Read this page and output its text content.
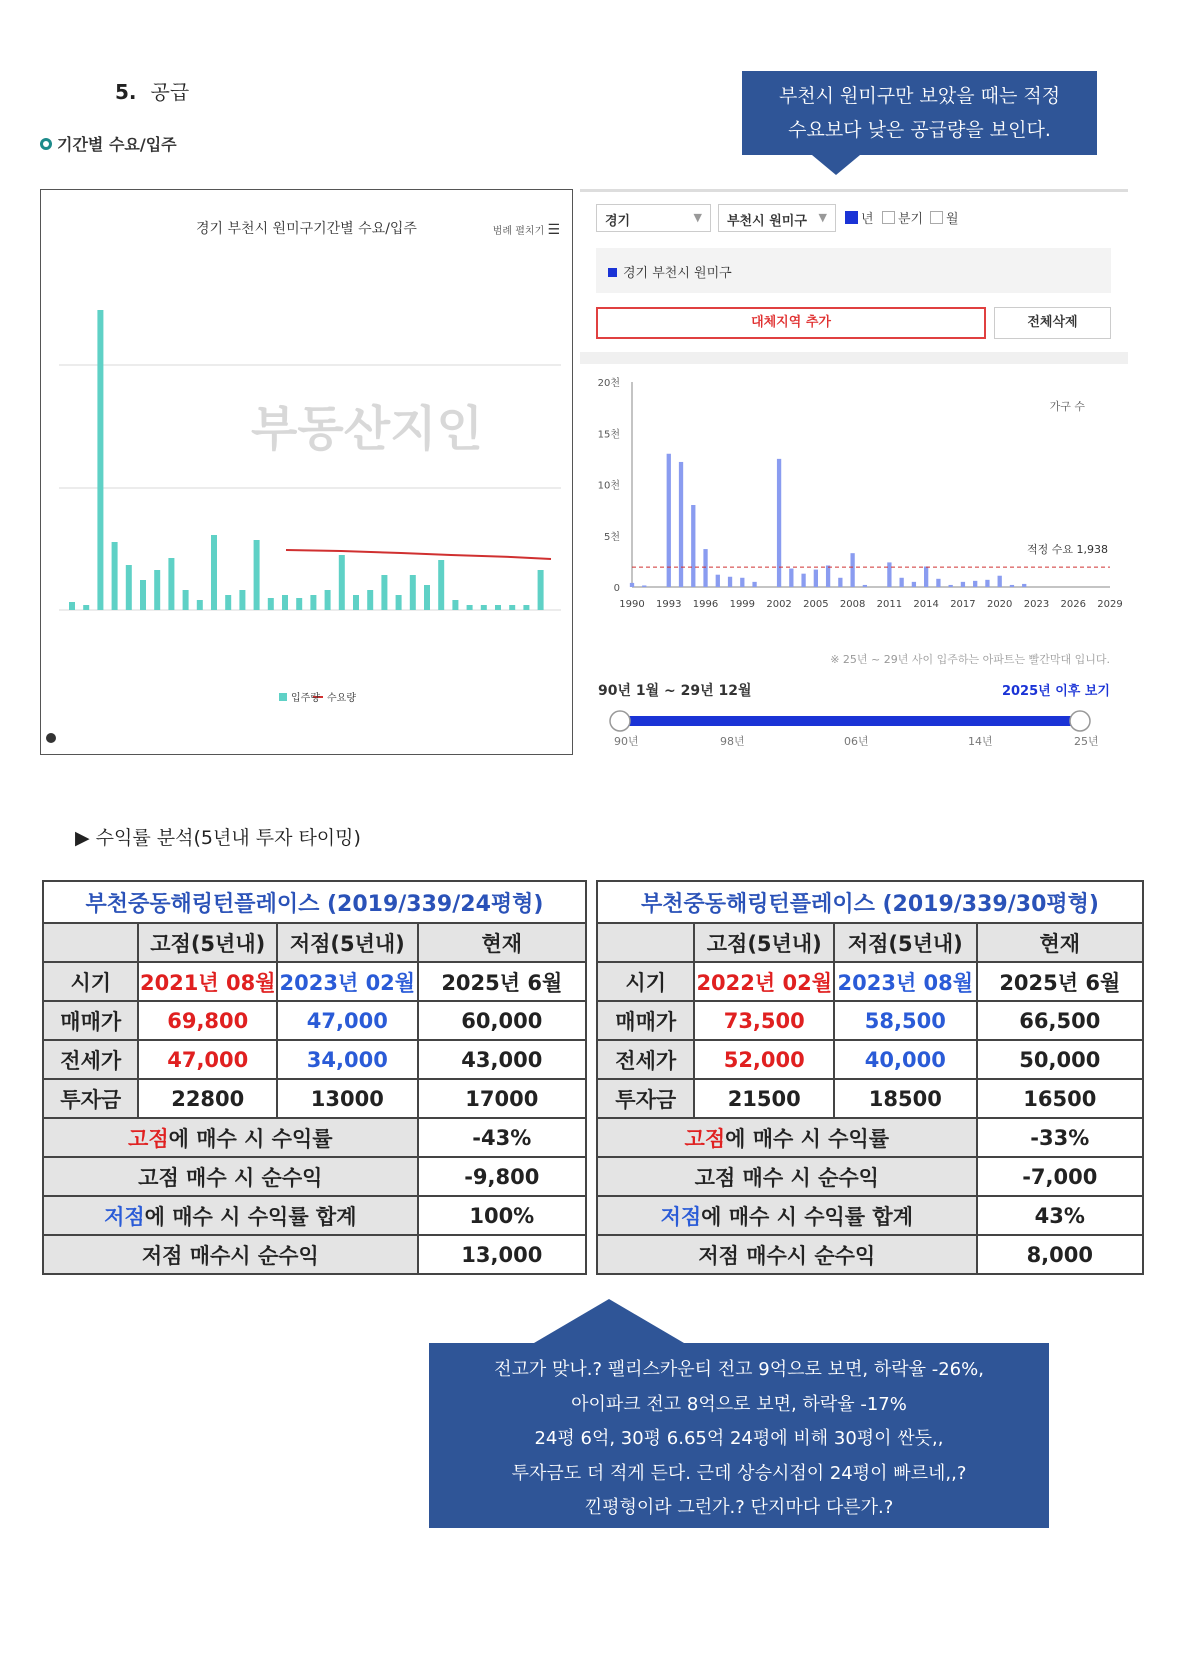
5. 공급
기간별 수요/입주
부천시 원미구만 보았을 때는 적정
수요보다 낮은 공급량을 보인다.
경기 부천시 원미구기간별 수요/입주	범례 펼치기 ☰
부동산지인
입주량 수요량
경기	▼	부천시 원미구 ▼	년 분기 월
경기 부천시 원미구
대체지역 추가	전체삭제
0
5천
10천
15천
20천
1990 1993 1996 1999 2002 2005 2008 2011 2014 2017 2020 2023 2026 2029
적정 수요 1,938
가구 수
※ 25년 ~ 29년 사이 입주하는 아파트는 빨간막대 입니다.
90년 1월 ~ 29년 12월	2025년 이후 보기
90년	98년	06년	14년	25년
▶ 수익률 분석(5년내 투자 타이밍)
부천중동해링턴플레이스 (2019/339/24평형)			
	고점(5년내)	저점(5년내)	현재
시기	2021년 08월	2023년 02월	2025년 6월
매매가	69,800	47,000	60,000
전세가	47,000	34,000	43,000
투자금	22800	13000	17000
고점에 매수 시 수익률			-43%
고점 매수 시 순수익			-9,800
저점에 매수 시 수익률 합계			100%
저점 매수시 순수익			13,000
부천중동해링턴플레이스 (2019/339/30평형)			
	고점(5년내)	저점(5년내)	현재
시기	2022년 02월	2023년 08월	2025년 6월
매매가	73,500	58,500	66,500
전세가	52,000	40,000	50,000
투자금	21500	18500	16500
고점에 매수 시 수익률			-33%
고점 매수 시 순수익			-7,000
저점에 매수 시 수익률 합계			43%
저점 매수시 순수익			8,000
전고가 맞나.? 팰리스카운티 전고 9억으로 보면, 하락율 -26%,
아이파크 전고 8억으로 보면, 하락율 -17%
24평 6억, 30평 6.65억 24평에 비해 30평이 싼듯,,
투자금도 더 적게 든다. 근데 상승시점이 24평이 빠르네,,?
낀평형이라 그런가.? 단지마다 다른가.?
